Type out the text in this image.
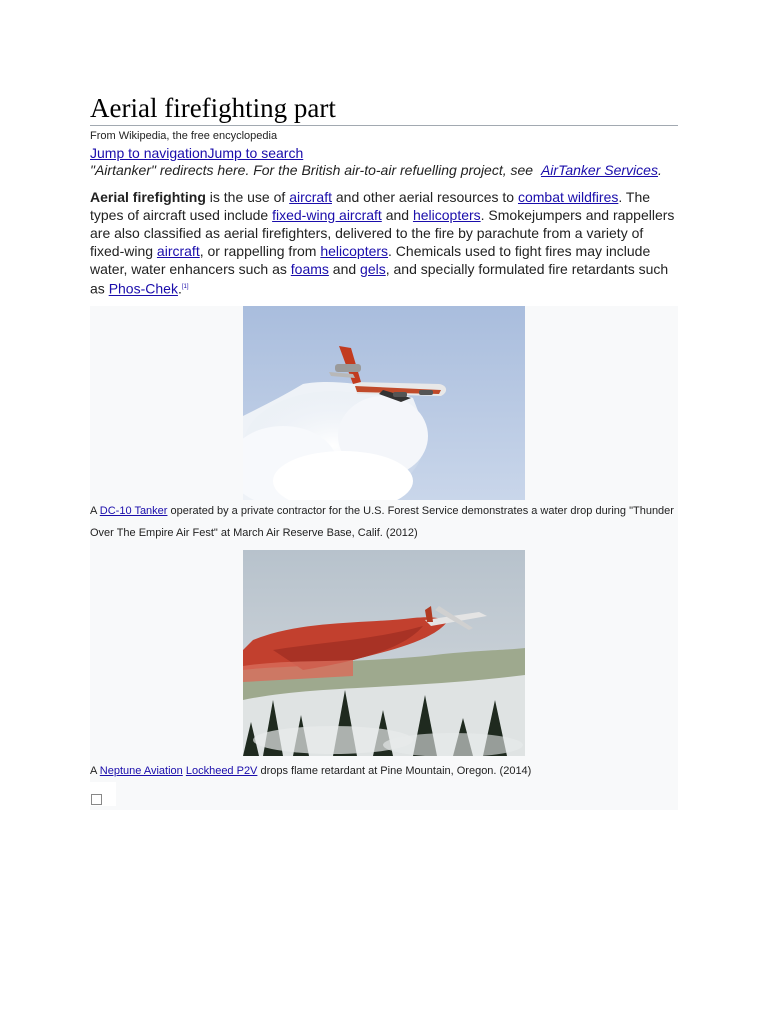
Aerial firefighting part
From Wikipedia, the free encyclopedia
Jump to navigationJump to search
"Airtanker" redirects here. For the British air-to-air refuelling project, see AirTanker Services.

Aerial firefighting is the use of aircraft and other aerial resources to combat wildfires. The types of aircraft used include fixed-wing aircraft and helicopters. Smokejumpers and rappellers are also classified as aerial firefighters, delivered to the fire by parachute from a variety of fixed-wing aircraft, or rappelling from helicopters. Chemicals used to fight fires may include water, water enhancers such as foams and gels, and specially formulated fire retardants such as Phos-Chek.[1]

A DC-10 Tanker operated by a private contractor for the U.S. Forest Service demonstrates a water drop during "Thunder Over The Empire Air Fest" at March Air Reserve Base, Calif. (2012)
A Neptune Aviation Lockheed P2V drops flame retardant at Pine Mountain, Oregon. (2014)
